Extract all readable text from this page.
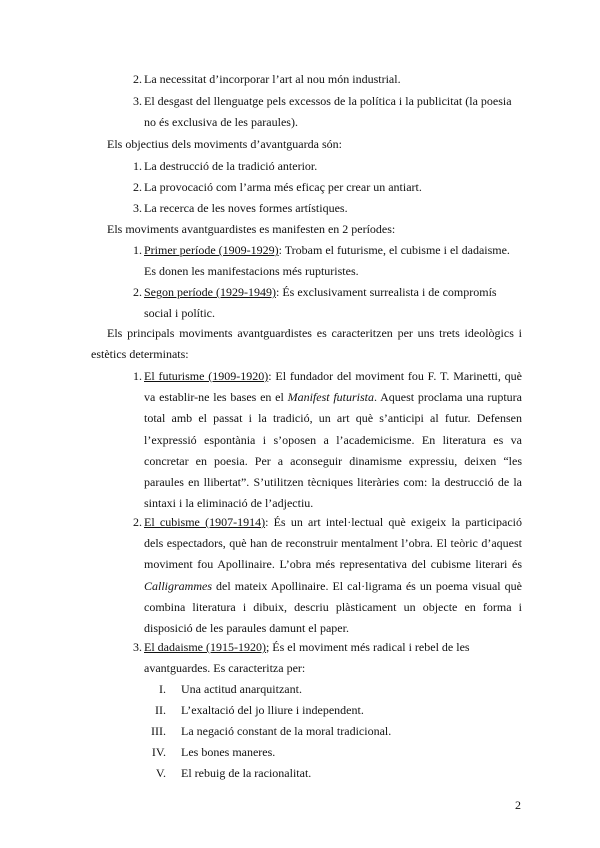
2. La necessitat d’incorporar l’art al nou món industrial.
3. El desgast del llenguatge pels excessos de la política i la publicitat (la poesia no és exclusiva de les paraules).

Els objectius dels moviments d’avantguarda són:

1. La destrucció de la tradició anterior.
2. La provocació com l’arma més eficaç per crear un antiart.
3. La recerca de les noves formes artístiques.

Els moviments avantguardistes es manifesten en 2 períodes:

1. Primer període (1909-1929): Trobam el futurisme, el cubisme i el dadaisme. Es donen les manifestacions més rupturistes.
2. Segon període (1929-1949): És exclusivament surrealista i de compromís social i polític.

Els principals moviments avantguardistes es caracteritzen per uns trets ideològics i estètics determinats:

1. El futurisme (1909-1920): El fundador del moviment fou F. T. Marinetti, què va establir-ne les bases en el Manifest futurista. Aquest proclama una ruptura total amb el passat i la tradició, un art què s’anticipi al futur. Defensen l’expressió espontània i s’oposen a l’academicisme. En literatura es va concretar en poesia. Per a aconseguir dinamisme expressiu, deixen “les paraules en llibertat”. S’utilitzen tècniques literàries com: la destrucció de la sintaxi i la eliminació de l’adjectiu.
2. El cubisme (1907-1914): És un art intel·lectual què exigeix la participació dels espectadors, què han de reconstruir mentalment l’obra. El teòric d’aquest moviment fou Apollinaire. L’obra més representativa del cubisme literari és Calligrammes del mateix Apollinaire. El cal·ligrama és un poema visual què combina literatura i dibuix, descriu plàsticament un objecte en forma i disposició de les paraules damunt el paper.
3. El dadaisme (1915-1920); És el moviment més radical i rebel de les avantguardes. Es caracteritza per:
I. Una actitud anarquitzant.
II. L’exaltació del jo lliure i independent.
III. La negació constant de la moral tradicional.
IV. Les bones maneres.
V. El rebuig de la racionalitat.
2
